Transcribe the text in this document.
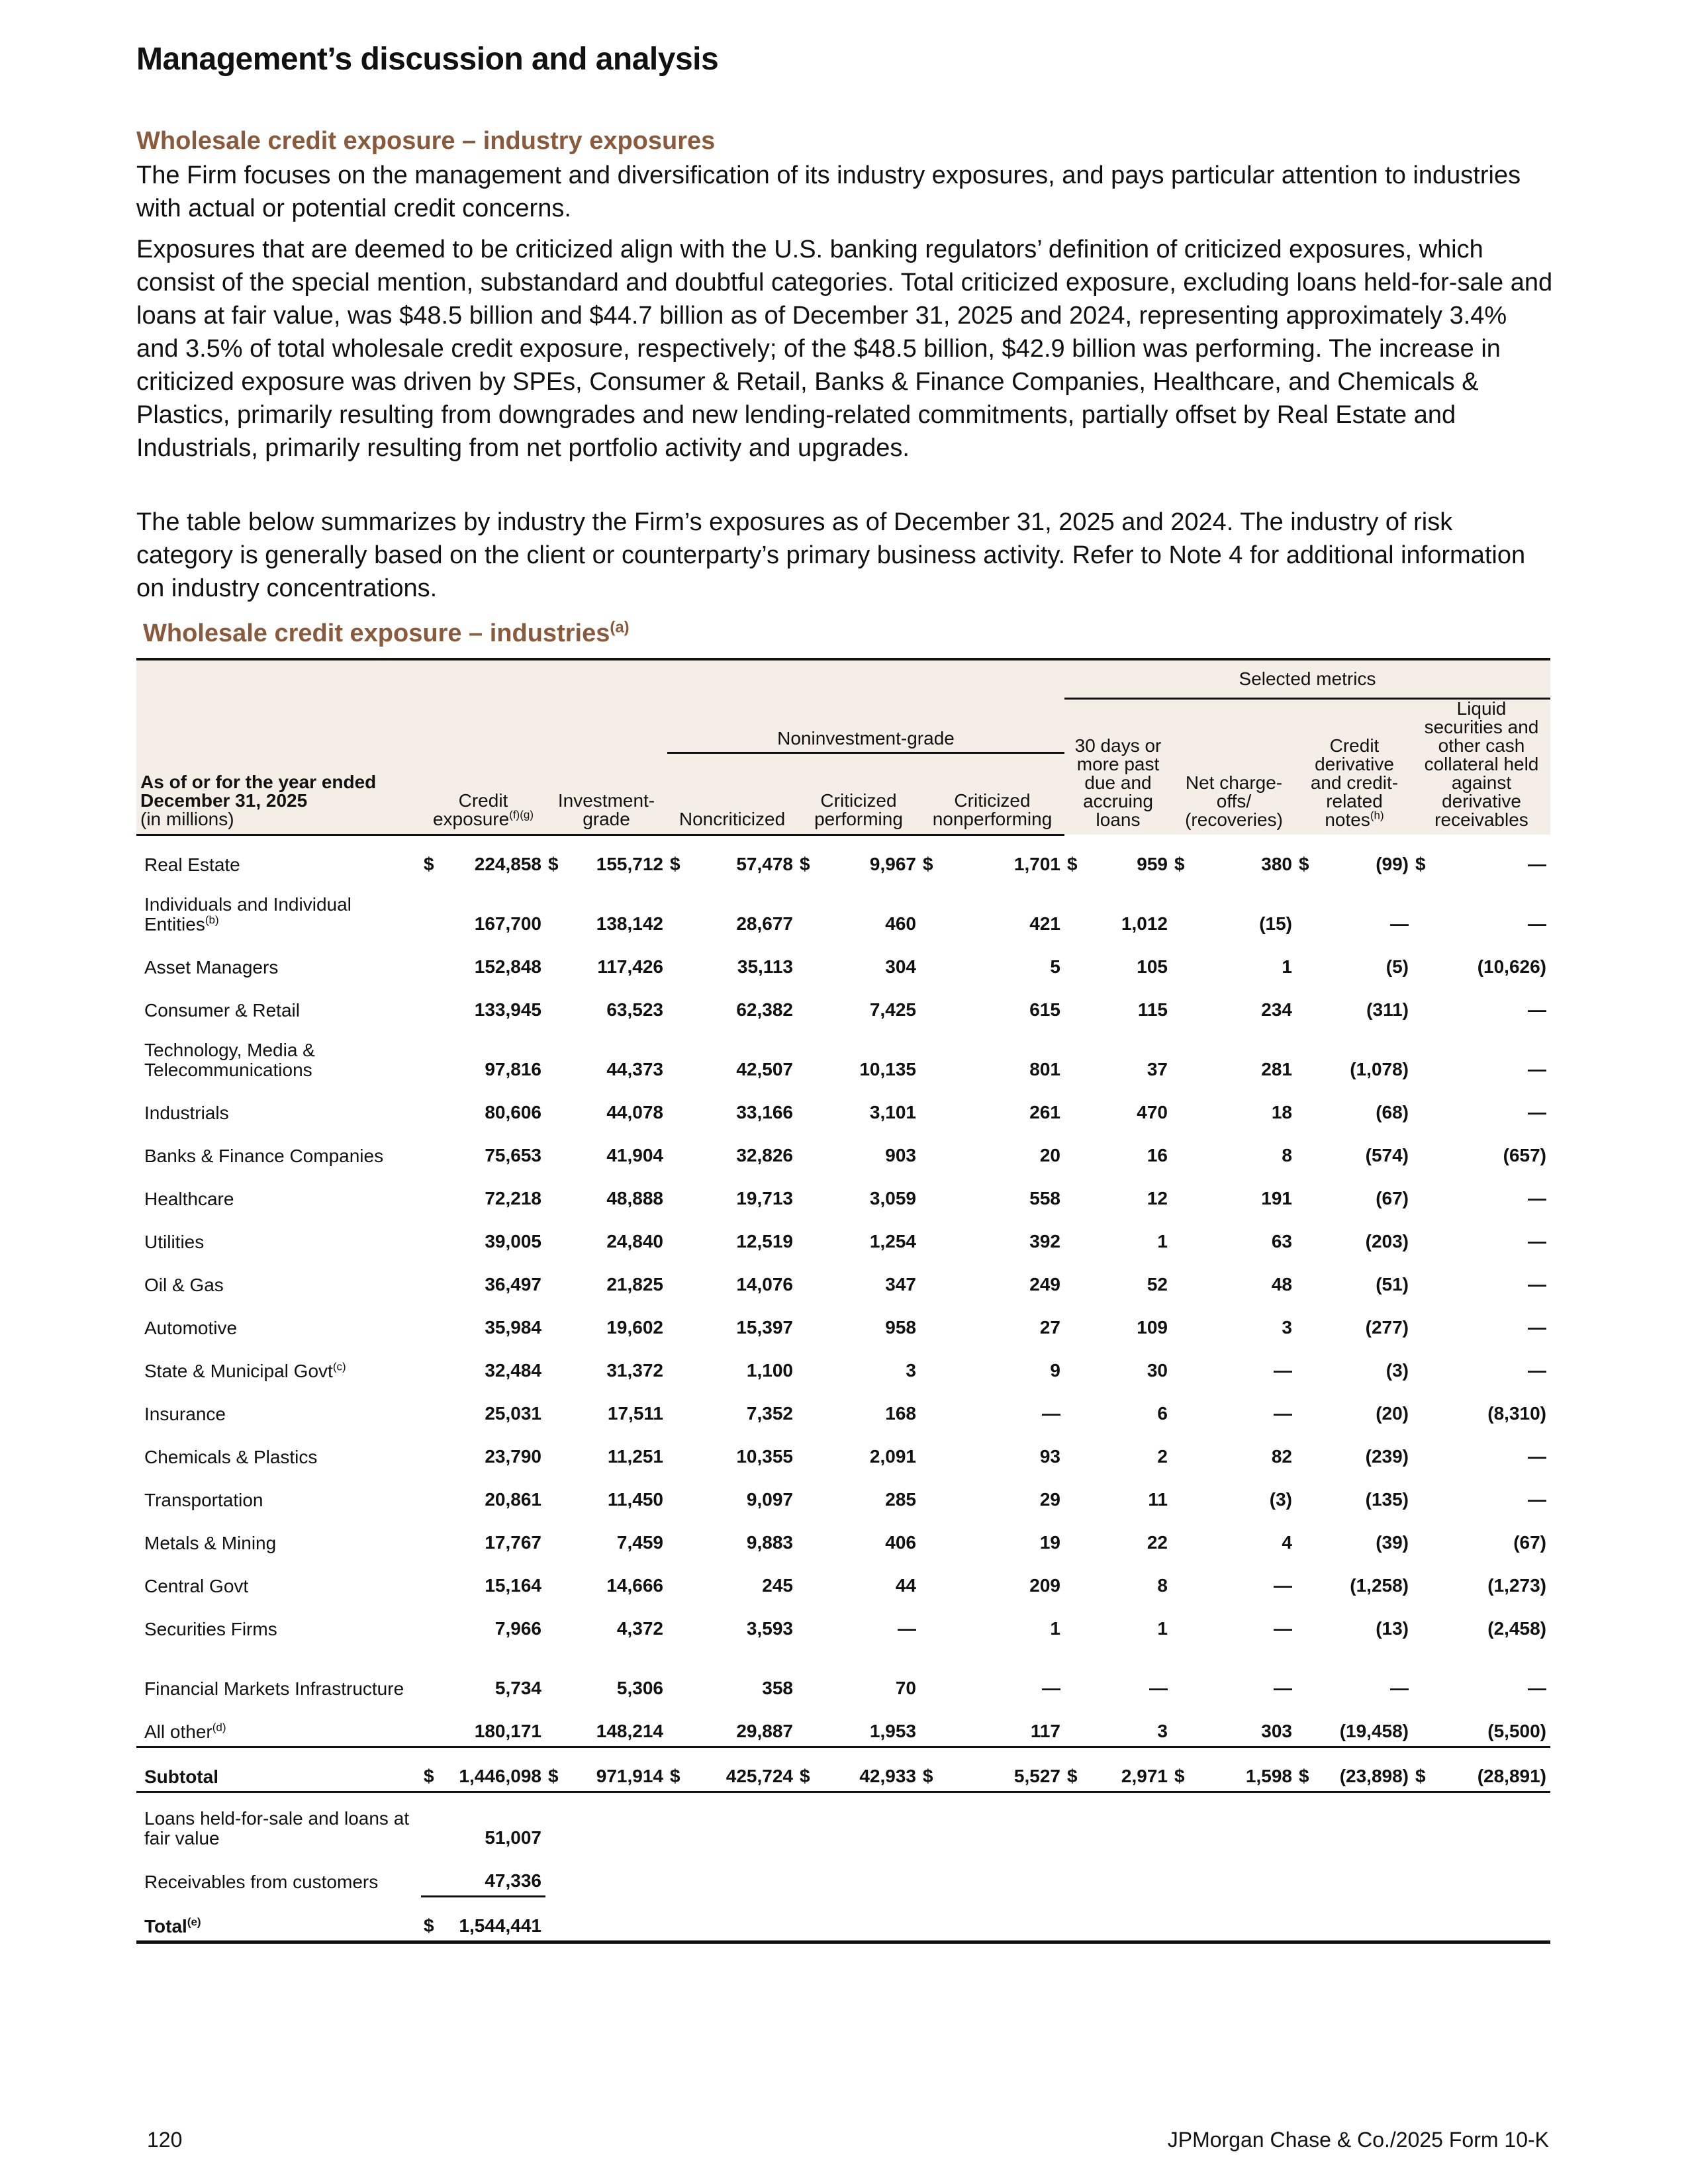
Management’s discussion and analysis
Wholesale credit exposure – industry exposures

The Firm focuses on the management and diversification of its industry exposures, and pays particular attention to industries with actual or potential credit concerns.

Exposures that are deemed to be criticized align with the U.S. banking regulators’ definition of criticized exposures, which consist of the special mention, substandard and doubtful categories. Total criticized exposure, excluding loans held-for-sale and loans at fair value, was $48.5 billion and $44.7 billion as of December 31, 2025 and 2024, representing approximately 3.4% and 3.5% of total wholesale credit exposure, respectively; of the $48.5 billion, $42.9 billion was performing. The increase in criticized exposure was driven by SPEs, Consumer & Retail, Banks & Finance Companies, Healthcare, and Chemicals & Plastics, primarily resulting from downgrades and new lending-related commitments, partially offset by Real Estate and Industrials, primarily resulting from net portfolio activity and upgrades.

The table below summarizes by industry the Firm’s exposures as of December 31, 2025 and 2024. The industry of risk category is generally based on the client or counterparty’s primary business activity. Refer to Note 4 for additional information on industry concentrations.

Wholesale credit exposure – industries$^{(a)}$

						Selected metrics			
			Noninvestment-grade			30 days or more past due and accruing loans	Net charge-offs/ (recoveries)	Credit derivative and credit-related notes$^{(h)}$	Liquid securities and other cash collateral held against derivative receivables
As of or for the year ended December 31, 2025
(in millions)	Credit exposure$^{(f)(g)}$	Investment-grade	Noncriticized	Criticized performing	Criticized nonperforming				
Real Estate	$ 224,858	$ 155,712	$ 57,478	$ 9,967	$ 1,701	$ 959	$ 380	$ (99)	$ —
Individuals and Individual Entities$^{(b)}$	167,700	138,142	28,677	460	421	1,012	(15)	—	—
Asset Managers	152,848	117,426	35,113	304	5	105	1	(5)	(10,626)
Consumer & Retail	133,945	63,523	62,382	7,425	615	115	234	(311)	—
Technology, Media & Telecommunications	97,816	44,373	42,507	10,135	801	37	281	(1,078)	—
Industrials	80,606	44,078	33,166	3,101	261	470	18	(68)	—
Banks & Finance Companies	75,653	41,904	32,826	903	20	16	8	(574)	(657)
Healthcare	72,218	48,888	19,713	3,059	558	12	191	(67)	—
Utilities	39,005	24,840	12,519	1,254	392	1	63	(203)	—
Oil & Gas	36,497	21,825	14,076	347	249	52	48	(51)	—
Automotive	35,984	19,602	15,397	958	27	109	3	(277)	—
State & Municipal Govt$^{(c)}$	32,484	31,372	1,100	3	9	30	—	(3)	—
Insurance	25,031	17,511	7,352	168	—	6	—	(20)	(8,310)
Chemicals & Plastics	23,790	11,251	10,355	2,091	93	2	82	(239)	—
Transportation	20,861	11,450	9,097	285	29	11	(3)	(135)	—
Metals & Mining	17,767	7,459	9,883	406	19	22	4	(39)	(67)
Central Govt	15,164	14,666	245	44	209	8	—	(1,258)	(1,273)
Securities Firms	7,966	4,372	3,593	—	1	1	—	(13)	(2,458)
Financial Markets Infrastructure	5,734	5,306	358	70	—	—	—	—	—
All other$^{(d)}$	180,171	148,214	29,887	1,953	117	3	303	(19,458)	(5,500)
Subtotal	$ 1,446,098	$ 971,914	$ 425,724	$ 42,933	$ 5,527	$ 2,971	$ 1,598	$ (23,898)	$ (28,891)
Loans held-for-sale and loans at fair value	51,007								
Receivables from customers	47,336								
Total$^{(e)}$	$ 1,544,441								

120	JPMorgan Chase & Co./2025 Form 10-K
